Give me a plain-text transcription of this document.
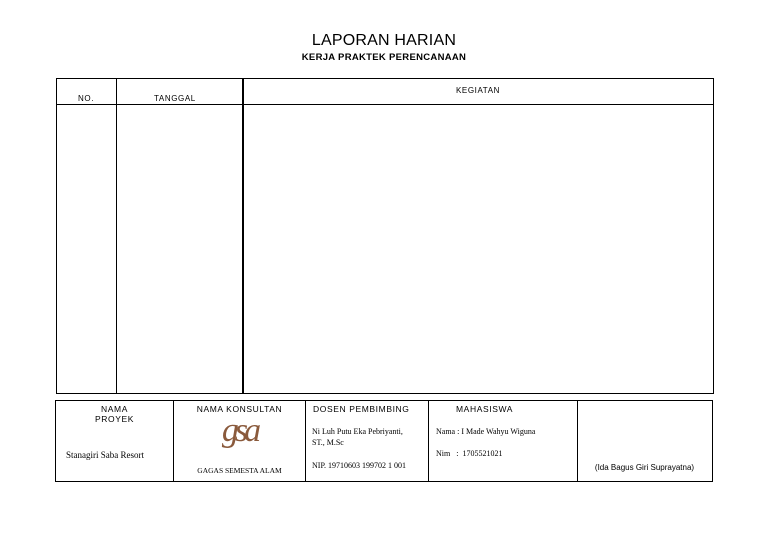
LAPORAN HARIAN
KERJA PRAKTEK PERENCANAAN
NO.	TANGGAL
KEGIATAN
NAMA
PROYEK
Stanagiri Saba Resort
NAMA KONSULTAN
gsa
GAGAS SEMESTA ALAM
DOSEN PEMBIMBING
Ni Luh Putu Eka Pebriyanti,
ST., M.Sc
NIP. 19710603 199702 1 001
MAHASISWA
Nama : I Made Wahyu Wiguna
Nim   :  1705521021
(Ida Bagus Giri Suprayatna)
